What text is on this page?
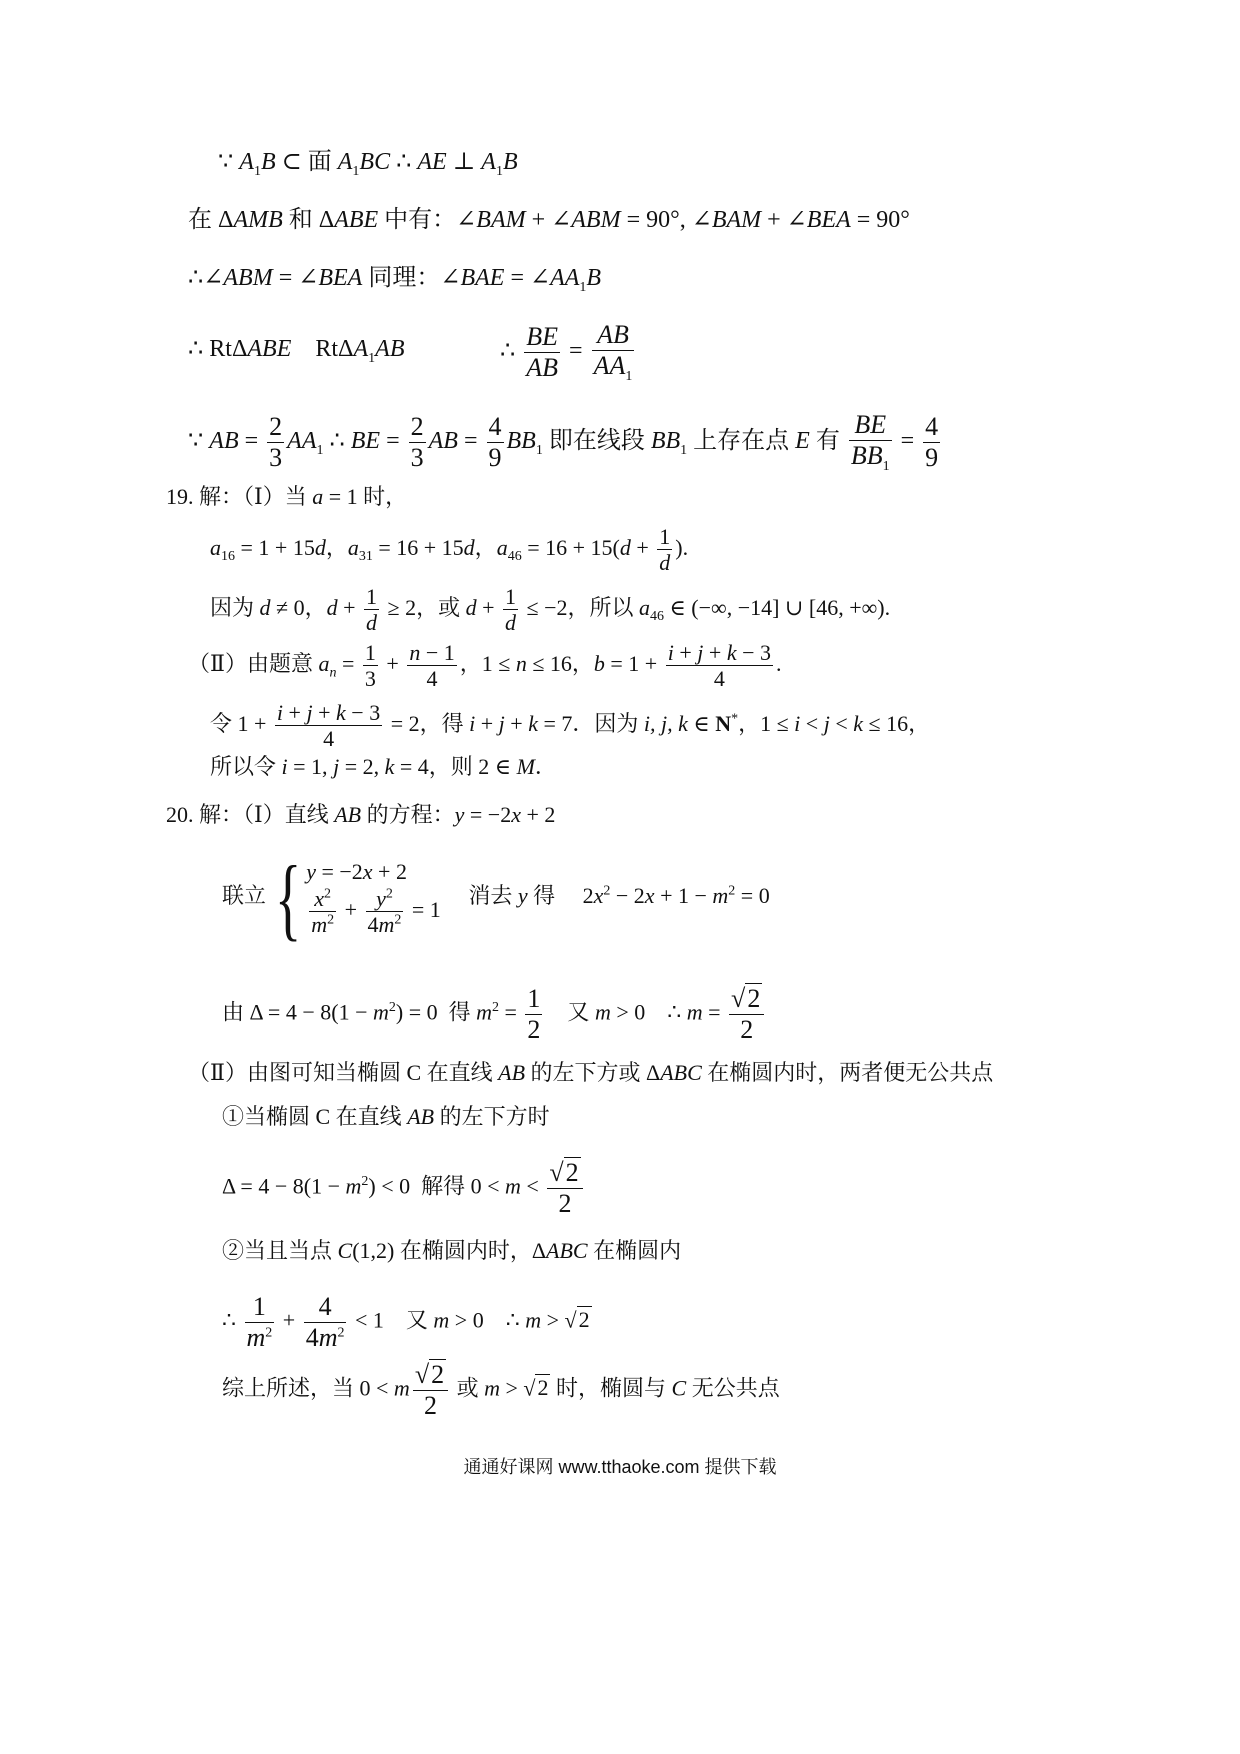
∵ $A_1B$ ⊂ 面 $A_1BC$ ∴ AE ⊥ $A_1B$
在 ΔAMB 和 ΔABE 中有：∠BAM + ∠ABM = 90°, ∠BAM + ∠BEA = 90°
∴∠ABM = ∠BEA 同理：∠BAE = $\angle AA_1B$
∴ RtΔABE    RtΔA$_1$AB	∴ $\frac{BE}{AB} = \frac{AB}{AA_1}$
∵ AB = $\frac{2}{3} AA_1$ ∴ BE = $\frac{2}{3}$ AB = $\frac{4}{9} BB_1$ 即在线段 $BB_1$ 上存在点 E 有 $\frac{BE}{BB_1} = \frac{4}{9}$
19. 解：（Ⅰ）当 a = 1 时，
$a_{16} = 1 + 15d$，$a_{31} = 16 + 15d$，$a_{46} = 16 + 15(d + \frac{1}{d}$ ).
因为 d ≠ 0，$d + \frac{1}{d} \ge 2$，或 $d + \frac{1}{d} \le -2$，所以 $a_{46}$ ∈ (−∞, −14] ∪ [46, +∞).
（Ⅱ）由题意 $a_n = \frac{1}{3} + \frac{n - 1}{4}$ ，1 ≤ n ≤ 16，$b = 1 + \frac{i + j + k - 3}{4}$ .
令 $1 + \frac{i + j + k - 3}{4} = 2$，得 i + j + k = 7．因为 i, j, k ∈ N*，1 ≤ i < j < k ≤ 16，
所以令 i = 1, j = 2, k = 4，则 2 ∈ M．
20. 解：（Ⅰ）直线 AB 的方程：y = −2x + 2
联立{ y = −2x + 2
$\frac{x^2}{m^2} + \frac{y^2}{4m^2} = 1$
消去 y 得     $2x^2 - 2x + 1 - m^2 = 0$
由 $\Delta = 4 - 8(1 - m^2) = 0$  得 $m^2 = \frac{1}{2}$ 又 m > 0    ∴ $m = \frac{√2}{2}$
（Ⅱ）由图可知当椭圆 C 在直线 AB 的左下方或 ΔABC 在椭圆内时，两者便无公共点
①当椭圆 C 在直线 AB 的左下方时
$\Delta = 4 - 8(1 - m^2) < 0$  解得 $0 < m < \frac{√2}{2}$
②当且当点 C(1,2) 在椭圆内时，ΔABC 在椭圆内
∴ $\frac{1}{m^2} + \frac{4}{4m^2} < 1$    又 m > 0    ∴ m > √2
综上所述，当 0 < m $\frac{√2}{2}$ 或 m > √2 时，椭圆与 C 无公共点
通通好课网 www.tthaoke.com 提供下载
